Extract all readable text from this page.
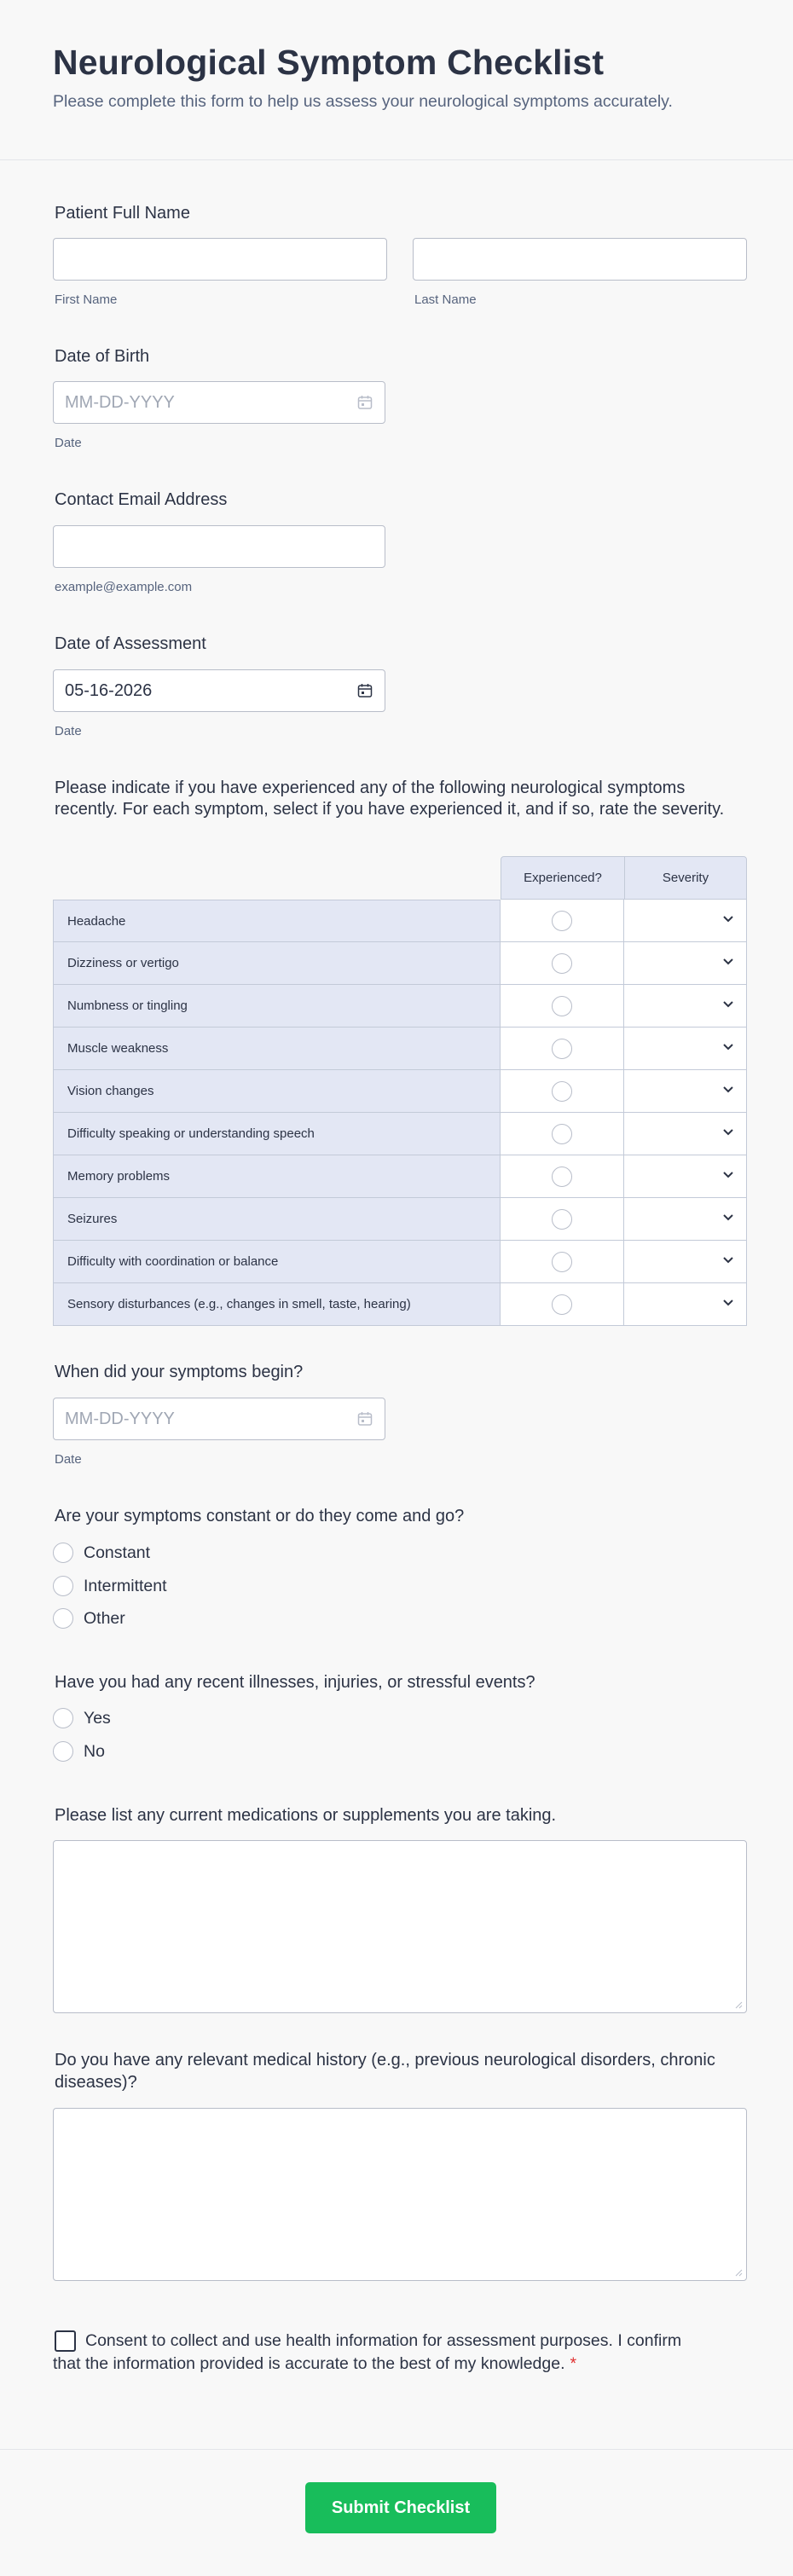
Neurological Symptom Checklist
Please complete this form to help us assess your neurological symptoms accurately.
Patient Full Name
First Name	Last Name
Date of Birth
MM-DD-YYYY
Date
Contact Email Address
example@example.com
Date of Assessment
05-16-2026
Date
Please indicate if you have experienced any of the following neurological symptoms recently. For each symptom, select if you have experienced it, and if so, rate the severity.
Experienced?	Severity
Headache
Dizziness or vertigo
Numbness or tingling
Muscle weakness
Vision changes
Difficulty speaking or understanding speech
Memory problems
Seizures
Difficulty with coordination or balance
Sensory disturbances (e.g., changes in smell, taste, hearing)
When did your symptoms begin?
MM-DD-YYYY
Date
Are your symptoms constant or do they come and go?
Constant
Intermittent
Other
Have you had any recent illnesses, injuries, or stressful events?
Yes
No
Please list any current medications or supplements you are taking.
Do you have any relevant medical history (e.g., previous neurological disorders, chronic diseases)?
Consent to collect and use health information for assessment purposes. I confirm that the information provided is accurate to the best of my knowledge. *
Submit Checklist
